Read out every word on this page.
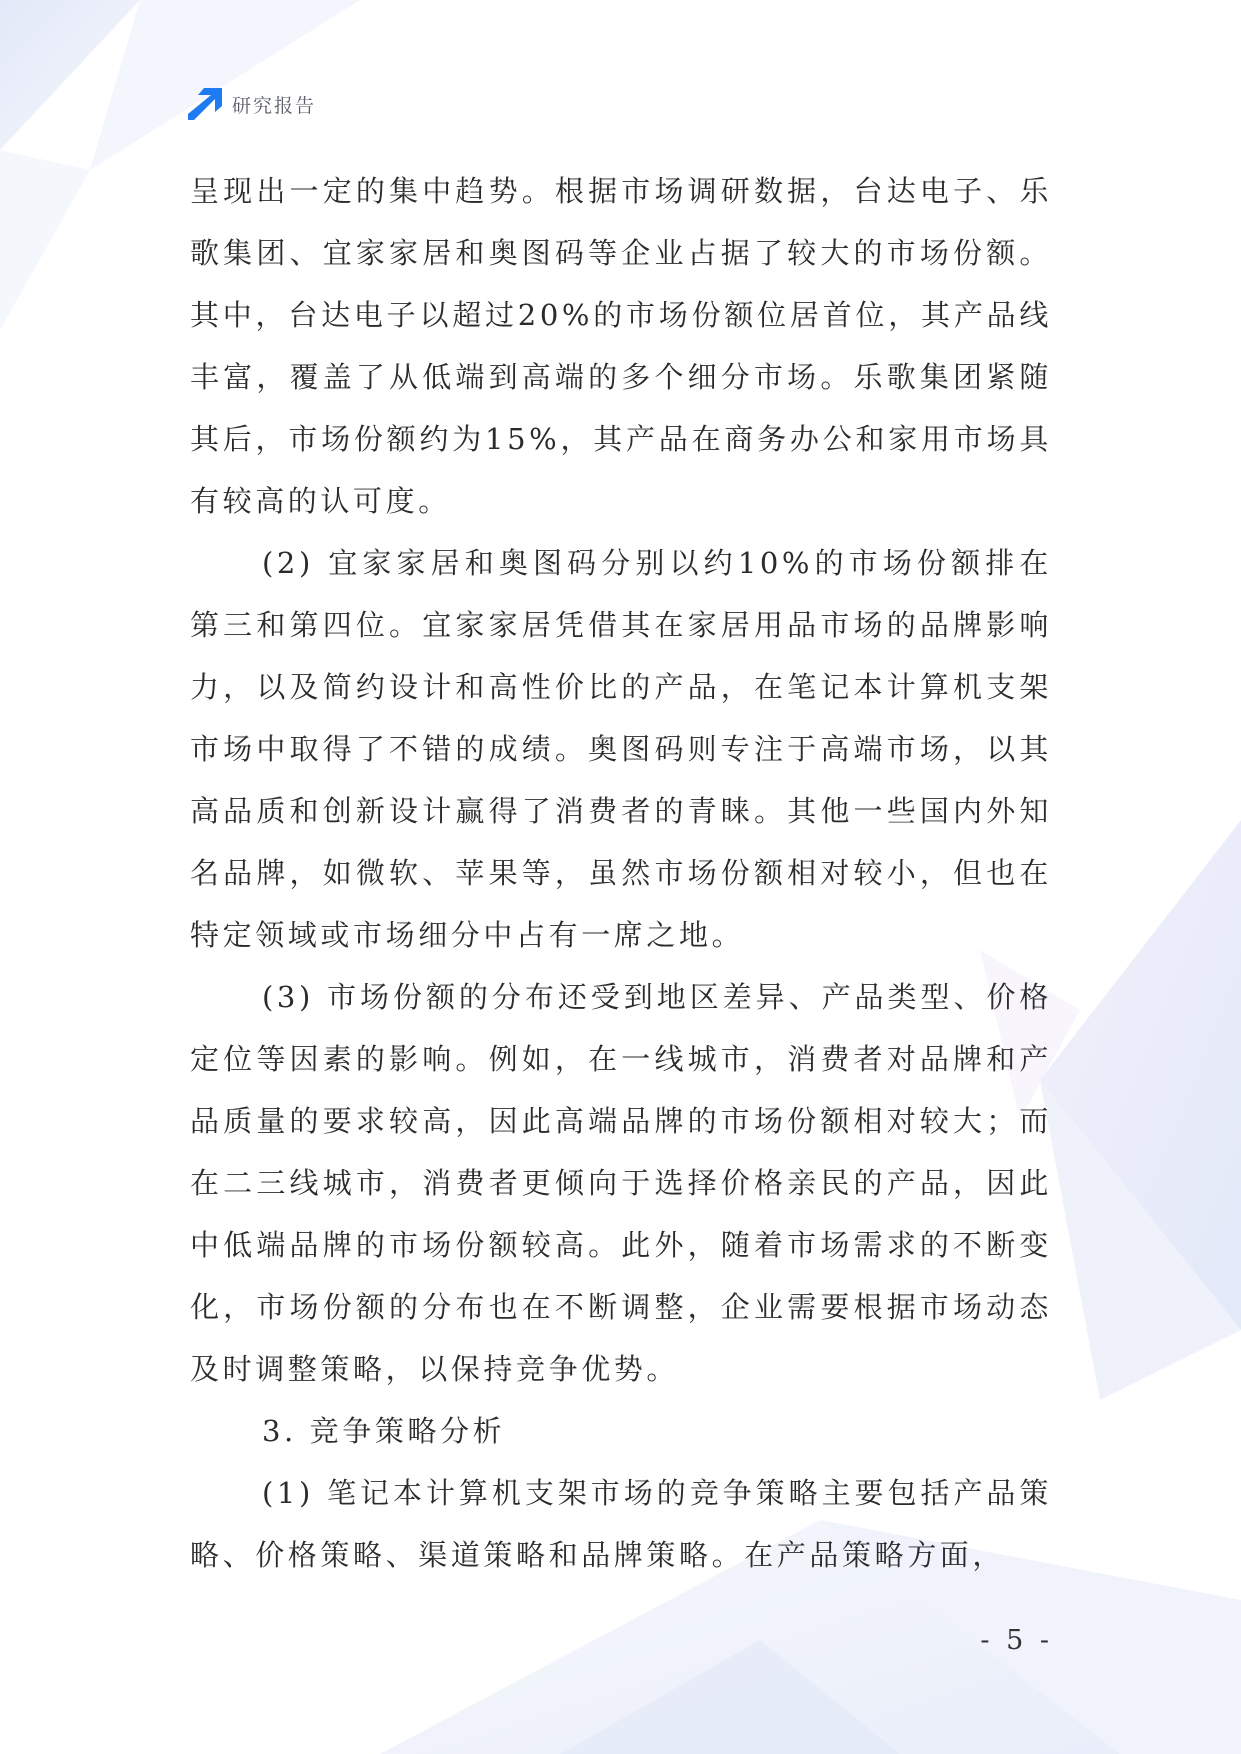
研究报告

呈现出一定的集中趋势。根据市场调研数据，台达电子、乐歌集团、宜家家居和奥图码等企业占据了较大的市场份额。其中，台达电子以超过20%的市场份额位居首位，其产品线丰富，覆盖了从低端到高端的多个细分市场。乐歌集团紧随其后，市场份额约为15%，其产品在商务办公和家用市场具有较高的认可度。

(2) 宜家家居和奥图码分别以约10%的市场份额排在第三和第四位。宜家家居凭借其在家居用品市场的品牌影响力，以及简约设计和高性价比的产品，在笔记本计算机支架市场中取得了不错的成绩。奥图码则专注于高端市场，以其高品质和创新设计赢得了消费者的青睐。其他一些国内外知名品牌，如微软、苹果等，虽然市场份额相对较小，但也在特定领域或市场细分中占有一席之地。

(3) 市场份额的分布还受到地区差异、产品类型、价格定位等因素的影响。例如，在一线城市，消费者对品牌和产品质量的要求较高，因此高端品牌的市场份额相对较大；而在二三线城市，消费者更倾向于选择价格亲民的产品，因此中低端品牌的市场份额较高。此外，随着市场需求的不断变化，市场份额的分布也在不断调整，企业需要根据市场动态及时调整策略，以保持竞争优势。

3. 竞争策略分析

(1) 笔记本计算机支架市场的竞争策略主要包括产品策略、价格策略、渠道策略和品牌策略。在产品策略方面，

- 5 -
